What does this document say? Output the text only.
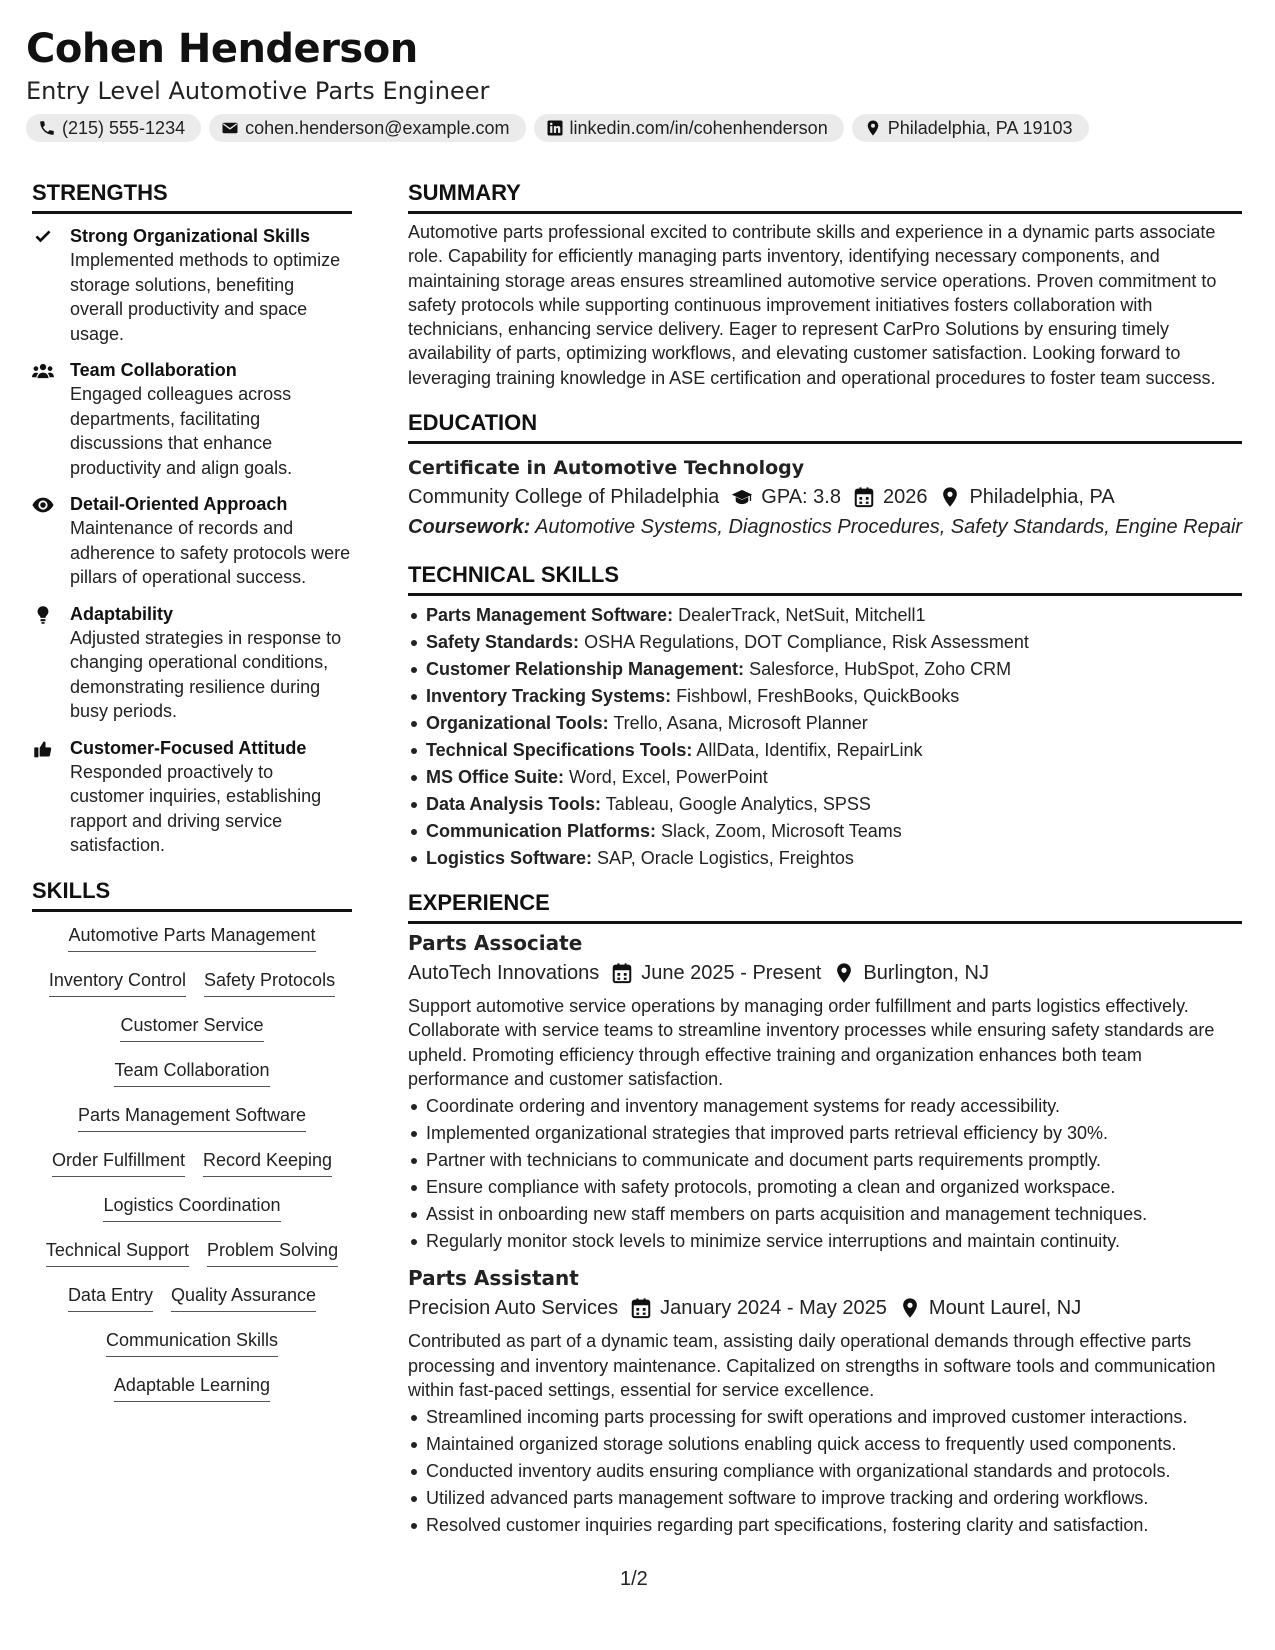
Cohen Henderson
Entry Level Automotive Parts Engineer
(215) 555-1234	cohen.henderson@example.com	linkedin.com/in/cohenhenderson	Philadelphia, PA 19103
STRENGTHS
Strong Organizational Skills
Implemented methods to optimize storage solutions, benefiting overall productivity and space usage.
Team Collaboration
Engaged colleagues across departments, facilitating discussions that enhance productivity and align goals.
Detail-Oriented Approach
Maintenance of records and adherence to safety protocols were pillars of operational success.
Adaptability
Adjusted strategies in response to changing operational conditions, demonstrating resilience during busy periods.
Customer-Focused Attitude
Responded proactively to customer inquiries, establishing rapport and driving service satisfaction.
SKILLS
Automotive Parts Management
Inventory Control Safety Protocols
Customer Service
Team Collaboration
Parts Management Software
Order Fulfillment Record Keeping
Logistics Coordination
Technical Support Problem Solving
Data Entry Quality Assurance
Communication Skills
Adaptable Learning
SUMMARY
Automotive parts professional excited to contribute skills and experience in a dynamic parts associate role. Capability for efficiently managing parts inventory, identifying necessary components, and maintaining storage areas ensures streamlined automotive service operations. Proven commitment to safety protocols while supporting continuous improvement initiatives fosters collaboration with technicians, enhancing service delivery. Eager to represent CarPro Solutions by ensuring timely availability of parts, optimizing workflows, and elevating customer satisfaction. Looking forward to leveraging training knowledge in ASE certification and operational procedures to foster team success.
EDUCATION
Certificate in Automotive Technology
Community College of Philadelphia GPA: 3.8 2026 Philadelphia, PA
Coursework: Automotive Systems, Diagnostics Procedures, Safety Standards, Engine Repair
TECHNICAL SKILLS
Parts Management Software: DealerTrack, NetSuit, Mitchell1
Safety Standards: OSHA Regulations, DOT Compliance, Risk Assessment
Customer Relationship Management: Salesforce, HubSpot, Zoho CRM
Inventory Tracking Systems: Fishbowl, FreshBooks, QuickBooks
Organizational Tools: Trello, Asana, Microsoft Planner
Technical Specifications Tools: AllData, Identifix, RepairLink
MS Office Suite: Word, Excel, PowerPoint
Data Analysis Tools: Tableau, Google Analytics, SPSS
Communication Platforms: Slack, Zoom, Microsoft Teams
Logistics Software: SAP, Oracle Logistics, Freightos
EXPERIENCE
Parts Associate
AutoTech Innovations June 2025 - Present Burlington, NJ
Support automotive service operations by managing order fulfillment and parts logistics effectively. Collaborate with service teams to streamline inventory processes while ensuring safety standards are upheld. Promoting efficiency through effective training and organization enhances both team performance and customer satisfaction.
Coordinate ordering and inventory management systems for ready accessibility.
Implemented organizational strategies that improved parts retrieval efficiency by 30%.
Partner with technicians to communicate and document parts requirements promptly.
Ensure compliance with safety protocols, promoting a clean and organized workspace.
Assist in onboarding new staff members on parts acquisition and management techniques.
Regularly monitor stock levels to minimize service interruptions and maintain continuity.
Parts Assistant
Precision Auto Services January 2024 - May 2025 Mount Laurel, NJ
Contributed as part of a dynamic team, assisting daily operational demands through effective parts processing and inventory maintenance. Capitalized on strengths in software tools and communication within fast-paced settings, essential for service excellence.
Streamlined incoming parts processing for swift operations and improved customer interactions.
Maintained organized storage solutions enabling quick access to frequently used components.
Conducted inventory audits ensuring compliance with organizational standards and protocols.
Utilized advanced parts management software to improve tracking and ordering workflows.
Resolved customer inquiries regarding part specifications, fostering clarity and satisfaction.
1/2
